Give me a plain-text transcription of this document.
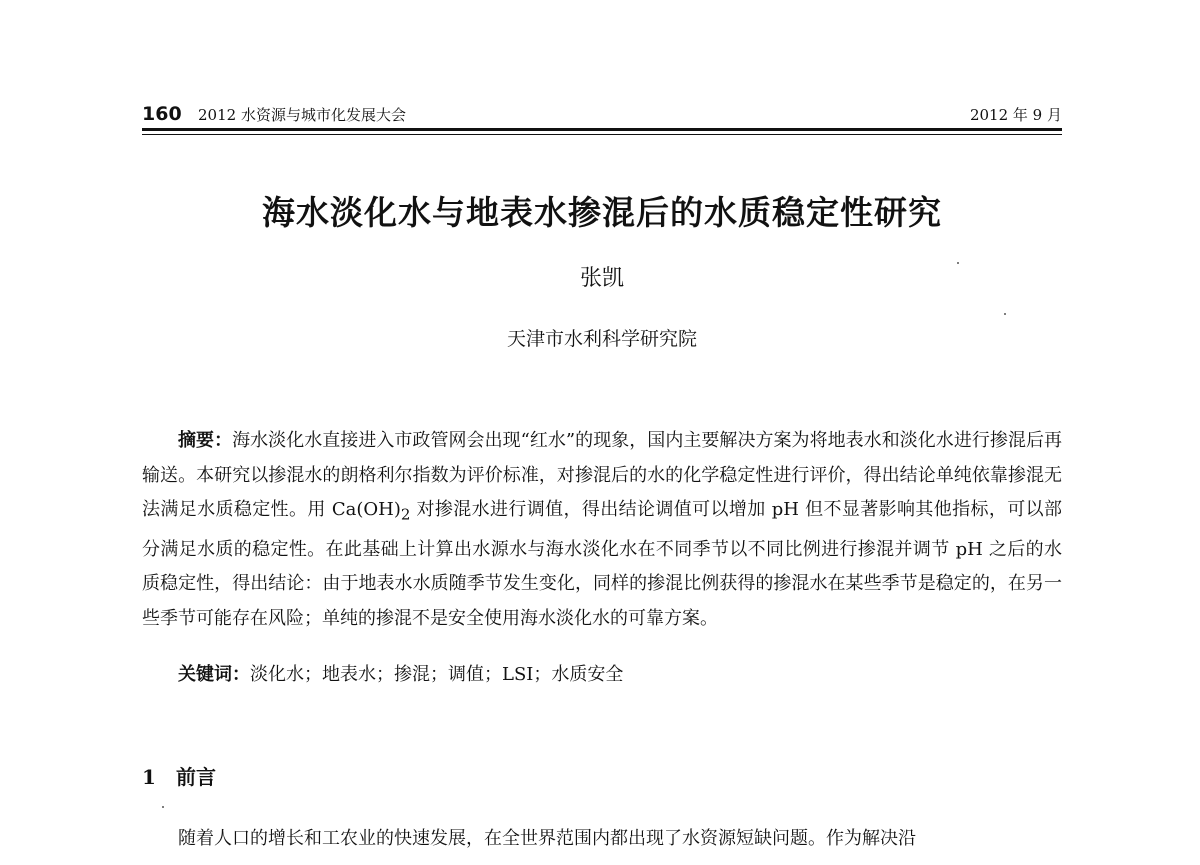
160 2012 水资源与城市化发展大会	2012 年 9 月
海水淡化水与地表水掺混后的水质稳定性研究
张凯
天津市水利科学研究院

摘要：海水淡化水直接进入市政管网会出现“红水”的现象，国内主要解决方案为将地表水和淡化水进行掺混后再输送。本研究以掺混水的朗格利尔指数为评价标准，对掺混后的水的化学稳定性进行评价，得出结论单纯依靠掺混无法满足水质稳定性。用 $Ca(OH)_2$ 对掺混水进行调值，得出结论调值可以增加 pH 但不显著影响其他指标，可以部分满足水质的稳定性。在此基础上计算出水源水与海水淡化水在不同季节以不同比例进行掺混并调节 pH 之后的水质稳定性，得出结论：由于地表水水质随季节发生变化，同样的掺混比例获得的掺混水在某些季节是稳定的，在另一些季节可能存在风险；单纯的掺混不是安全使用海水淡化水的可靠方案。

关键词：淡化水；地表水；掺混；调值；LSI；水质安全
1 前言

随着人口的增长和工农业的快速发展，在全世界范围内都出现了水资源短缺问题。作为解决沿
